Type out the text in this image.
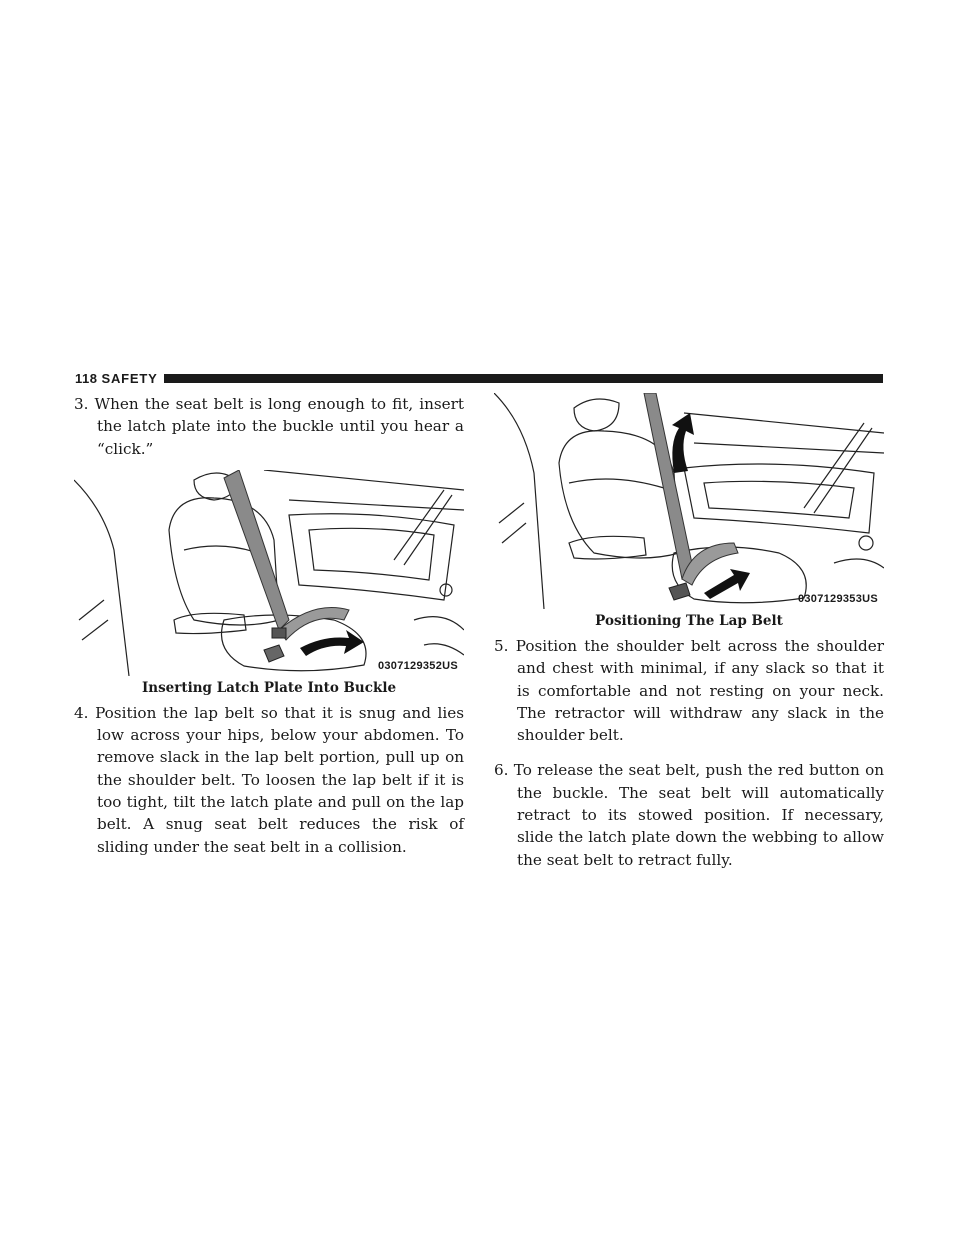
118 SAFETY

3. When the seat belt is long enough to fit, insert the latch plate into the buckle until you hear a “click.”

0307129352US
Inserting Latch Plate Into Buckle

4. Position the lap belt so that it is snug and lies low across your hips, below your abdomen. To remove slack in the lap belt portion, pull up on the shoulder belt. To loosen the lap belt if it is too tight, tilt the latch plate and pull on the lap belt. A snug seat belt reduces the risk of sliding under the seat belt in a collision.

0307129353US
Positioning The Lap Belt

5. Position the shoulder belt across the shoulder and chest with minimal, if any slack so that it is comfortable and not resting on your neck. The retractor will withdraw any slack in the shoulder belt.

6. To release the seat belt, push the red button on the buckle. The seat belt will automatically retract to its stowed position. If necessary, slide the latch plate down the webbing to allow the seat belt to retract fully.
